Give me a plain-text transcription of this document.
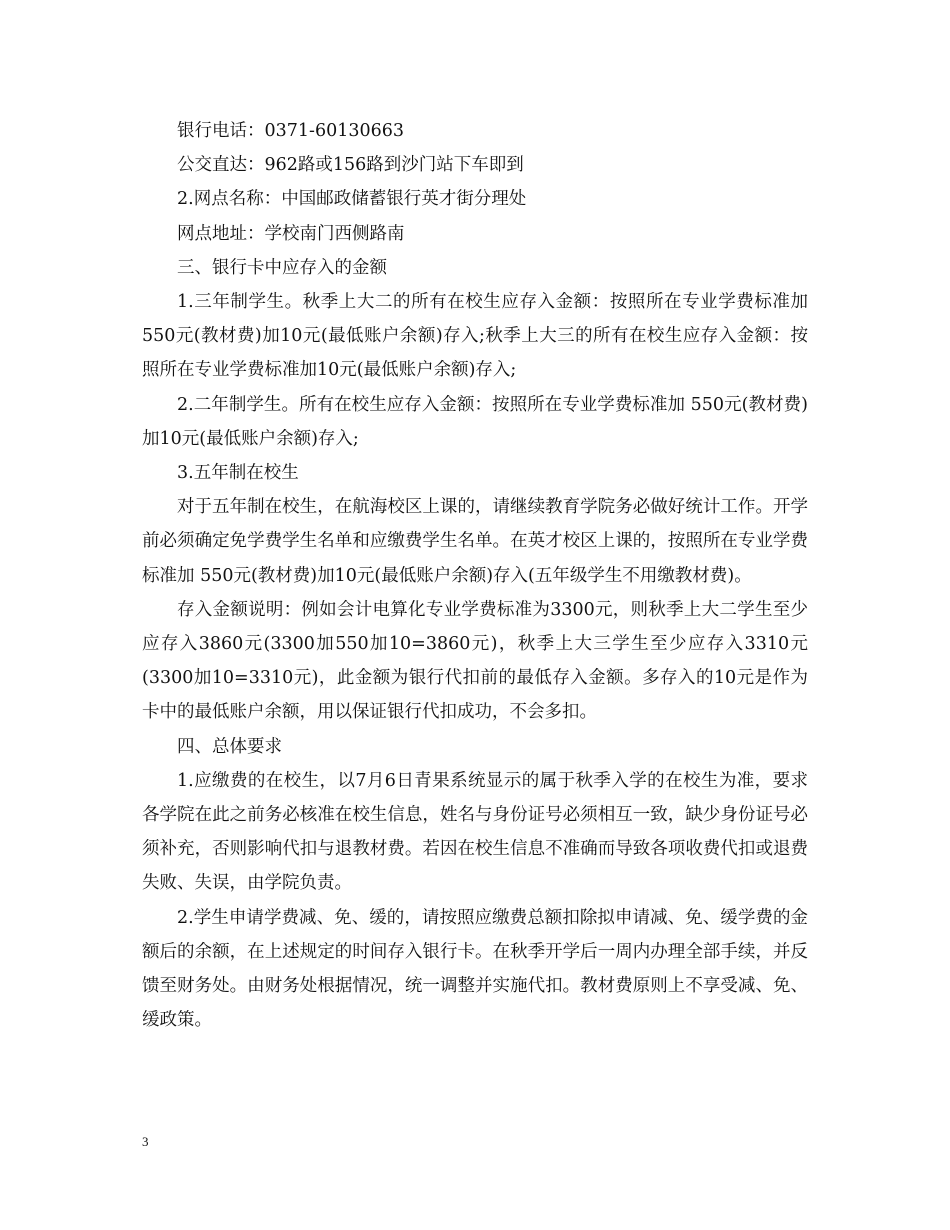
银行电话：0371-60130663

公交直达：962路或156路到沙门站下车即到

2.网点名称：中国邮政储蓄银行英才街分理处

网点地址：学校南门西侧路南

三、银行卡中应存入的金额

1.三年制学生。秋季上大二的所有在校生应存入金额：按照所在专业学费标准加 550元(教材费)加10元(最低账户余额)存入;秋季上大三的所有在校生应存入金额：按照所在专业学费标准加10元(最低账户余额)存入;

2.二年制学生。所有在校生应存入金额：按照所在专业学费标准加 550元(教材费)加10元(最低账户余额)存入;

3.五年制在校生

对于五年制在校生，在航海校区上课的，请继续教育学院务必做好统计工作。开学前必须确定免学费学生名单和应缴费学生名单。在英才校区上课的，按照所在专业学费标准加 550元(教材费)加10元(最低账户余额)存入(五年级学生不用缴教材费)。

存入金额说明：例如会计电算化专业学费标准为3300元，则秋季上大二学生至少应存入3860元(3300加550加10=3860元)，秋季上大三学生至少应存入3310元(3300加10=3310元)，此金额为银行代扣前的最低存入金额。多存入的10元是作为卡中的最低账户余额，用以保证银行代扣成功，不会多扣。

四、总体要求

1.应缴费的在校生，以7月6日青果系统显示的属于秋季入学的在校生为准，要求各学院在此之前务必核准在校生信息，姓名与身份证号必须相互一致，缺少身份证号必须补充，否则影响代扣与退教材费。若因在校生信息不准确而导致各项收费代扣或退费失败、失误，由学院负责。

2.学生申请学费减、免、缓的，请按照应缴费总额扣除拟申请减、免、缓学费的金额后的余额，在上述规定的时间存入银行卡。在秋季开学后一周内办理全部手续，并反馈至财务处。由财务处根据情况，统一调整并实施代扣。教材费原则上不享受减、免、缓政策。

3
